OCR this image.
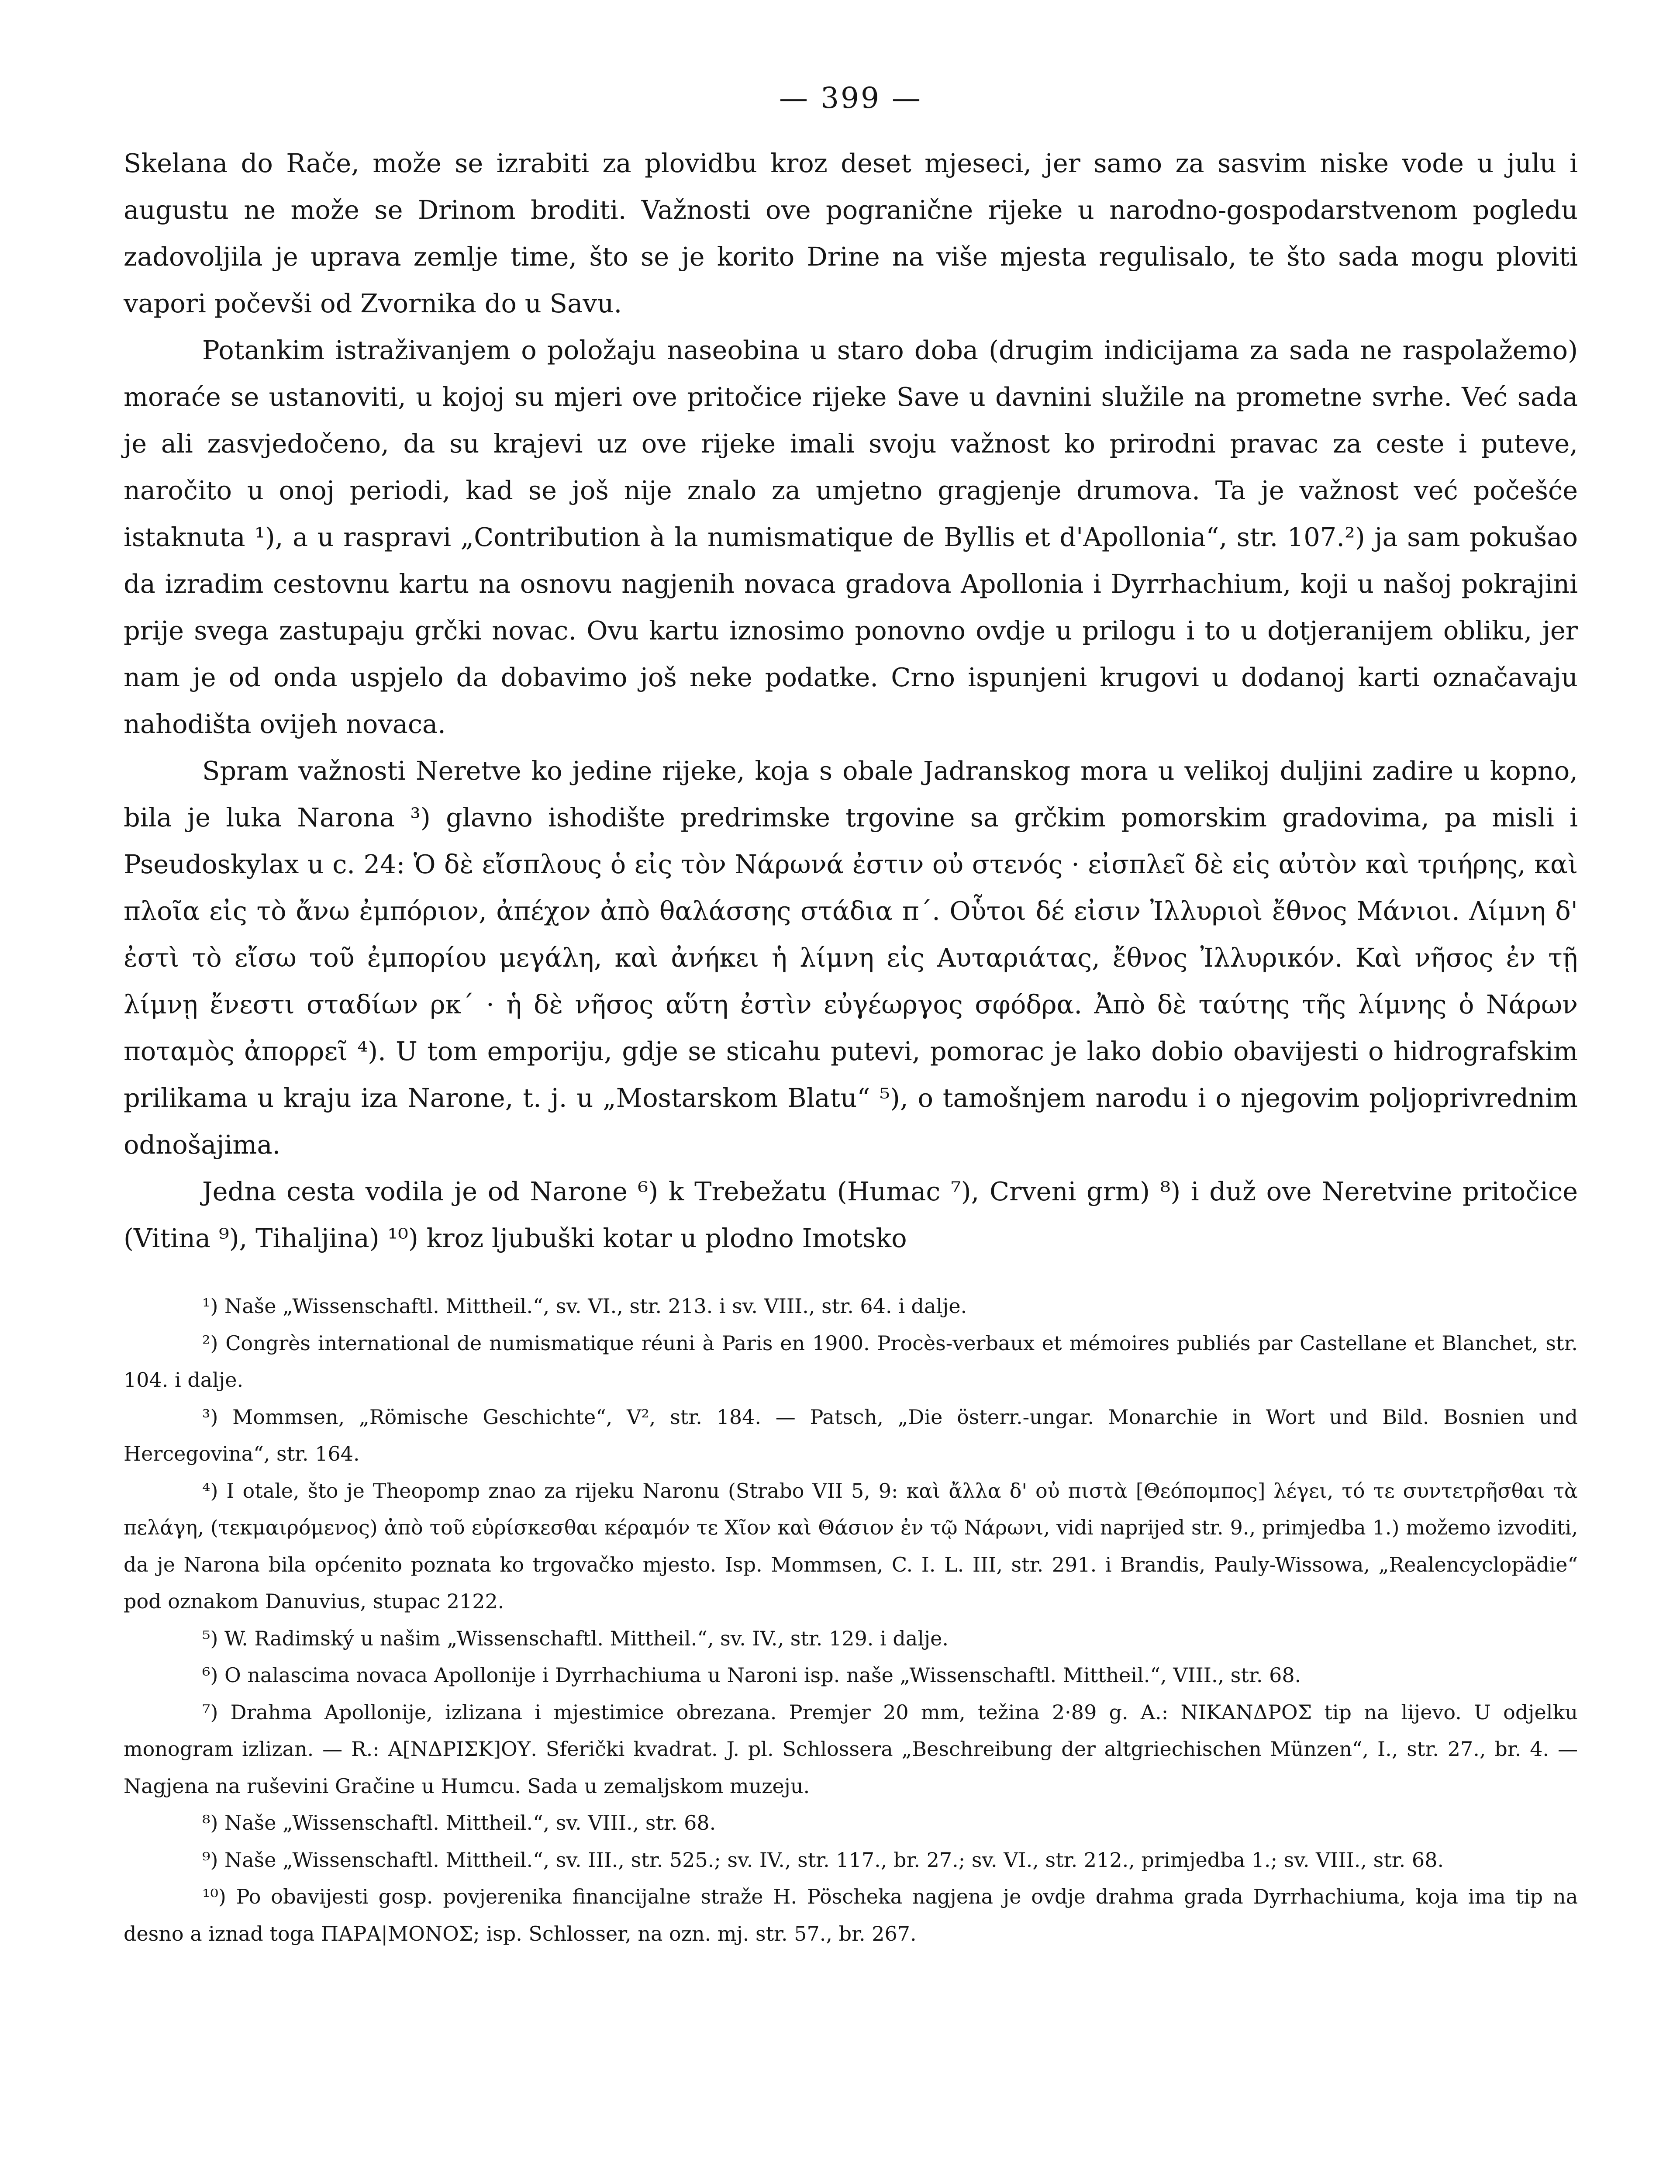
— 399 —

Skelana do Rače, može se izrabiti za plovidbu kroz deset mjeseci, jer samo za sasvim niske vode u julu i augustu ne može se Drinom broditi. Važnosti ove pogranične rijeke u narodno-gospodarstvenom pogledu zadovoljila je uprava zemlje time, što se je korito Drine na više mjesta regulisalo, te što sada mogu ploviti vapori počevši od Zvornika do u Savu.

Potankim istraživanjem o položaju naseobina u staro doba (drugim indicijama za sada ne raspolažemo) moraće se ustanoviti, u kojoj su mjeri ove pritočice rijeke Save u davnini služile na prometne svrhe. Već sada je ali zasvjedočeno, da su krajevi uz ove rijeke imali svoju važnost ko prirodni pravac za ceste i puteve, naročito u onoj periodi, kad se još nije znalo za umjetno gragjenje drumova. Ta je važnost već počešće istaknuta ¹), a u raspravi „Contribution à la numismatique de Byllis et d'Apollonia“, str. 107.²) ja sam pokušao da izradim cestovnu kartu na osnovu nagjenih novaca gradova Apollonia i Dyrrhachium, koji u našoj pokrajini prije svega zastupaju grčki novac. Ovu kartu iznosimo ponovno ovdje u prilogu i to u dotjeranijem obliku, jer nam je od onda uspjelo da dobavimo još neke podatke. Crno ispunjeni krugovi u dodanoj karti označavaju nahodišta ovijeh novaca.

Spram važnosti Neretve ko jedine rijeke, koja s obale Jadranskog mora u velikoj duljini zadire u kopno, bila je luka Narona ³) glavno ishodište predrimske trgovine sa grčkim pomorskim gradovima, pa misli i Pseudoskylax u c. 24: Ὁ δὲ εἴσπλους ὁ εἰς τὸν Νάρωνά ἐστιν οὐ στενός · εἰσπλεῖ δὲ εἰς αὐτὸν καὶ τριήρης, καὶ πλοῖα εἰς τὸ ἄνω ἐμπόριον, ἀπέχον ἀπὸ θαλάσσης στάδια π΄. Οὗτοι δέ εἰσιν Ἰλλυριοὶ ἔθνος Μάνιοι. Λίμνη δ' ἐστὶ τὸ εἴσω τοῦ ἐμπορίου μεγάλη, καὶ ἀνήκει ἡ λίμνη εἰς Αυταριάτας, ἔθνος Ἰλλυρικόν. Καὶ νῆσος ἐν τῇ λίμνῃ ἔνεστι σταδίων ρκ΄ · ἡ δὲ νῆσος αὕτη ἐστὶν εὐγέωργος σφόδρα. Ἀπὸ δὲ ταύτης τῆς λίμνης ὁ Νάρων ποταμὸς ἀπορρεῖ ⁴). U tom emporiju, gdje se sticahu putevi, pomorac je lako dobio obavijesti o hidrografskim prilikama u kraju iza Narone, t. j. u „Mostarskom Blatu“ ⁵), o tamošnjem narodu i o njegovim poljoprivrednim odnošajima.

Jedna cesta vodila je od Narone ⁶) k Trebežatu (Humac ⁷), Crveni grm) ⁸) i duž ove Neretvine pritočice (Vitina ⁹), Tihaljina) ¹⁰) kroz ljubuški kotar u plodno Imotsko

¹) Naše „Wissenschaftl. Mittheil.“, sv. VI., str. 213. i sv. VIII., str. 64. i dalje.

²) Congrès international de numismatique réuni à Paris en 1900. Procès-verbaux et mémoires publiés par Castellane et Blanchet, str. 104. i dalje.

³) Mommsen, „Römische Geschichte“, V², str. 184. — Patsch, „Die österr.-ungar. Monarchie in Wort und Bild. Bosnien und Hercegovina“, str. 164.

⁴) I otale, što je Theopomp znao za rijeku Naronu (Strabo VII 5, 9: καὶ ἄλλα δ' οὐ πιστὰ [Θεόπομπος] λέγει, τό τε συντετρῆσθαι τὰ πελάγη, (τεκμαιρόμενος) ἀπὸ τοῦ εὑρίσκεσθαι κέραμόν τε Χῖον καὶ Θάσιον ἐν τῷ Νάρωνι, vidi naprijed str. 9., primjedba 1.) možemo izvoditi, da je Narona bila općenito poznata ko trgovačko mjesto. Isp. Mommsen, C. I. L. III, str. 291. i Brandis, Pauly-Wissowa, „Realencyclopädie“ pod oznakom Danuvius, stupac 2122.

⁵) W. Radimský u našim „Wissenschaftl. Mittheil.“, sv. IV., str. 129. i dalje.

⁶) O nalascima novaca Apollonije i Dyrrhachiuma u Naroni isp. naše „Wissenschaftl. Mittheil.“, VIII., str. 68.

⁷) Drahma Apollonije, izlizana i mjestimice obrezana. Premjer 20 mm, težina 2·89 g. A.: ΝΙΚΑΝΔΡΟΣ tip na lijevo. U odjelku monogram izlizan. — R.: Α[ΝΔΡΙΣΚ]ΟΥ. Sferički kvadrat. J. pl. Schlossera „Beschreibung der altgriechischen Münzen“, I., str. 27., br. 4. — Nagjena na ruševini Gračine u Humcu. Sada u zemaljskom muzeju.

⁸) Naše „Wissenschaftl. Mittheil.“, sv. VIII., str. 68.

⁹) Naše „Wissenschaftl. Mittheil.“, sv. III., str. 525.; sv. IV., str. 117., br. 27.; sv. VI., str. 212., primjedba 1.; sv. VIII., str. 68.

¹⁰) Po obavijesti gosp. povjerenika financijalne straže H. Pöscheka nagjena je ovdje drahma grada Dyrrhachiuma, koja ima tip na desno a iznad toga ΠΑΡΑ|ΜΟΝΟΣ; isp. Schlosser, na ozn. mj. str. 57., br. 267.
